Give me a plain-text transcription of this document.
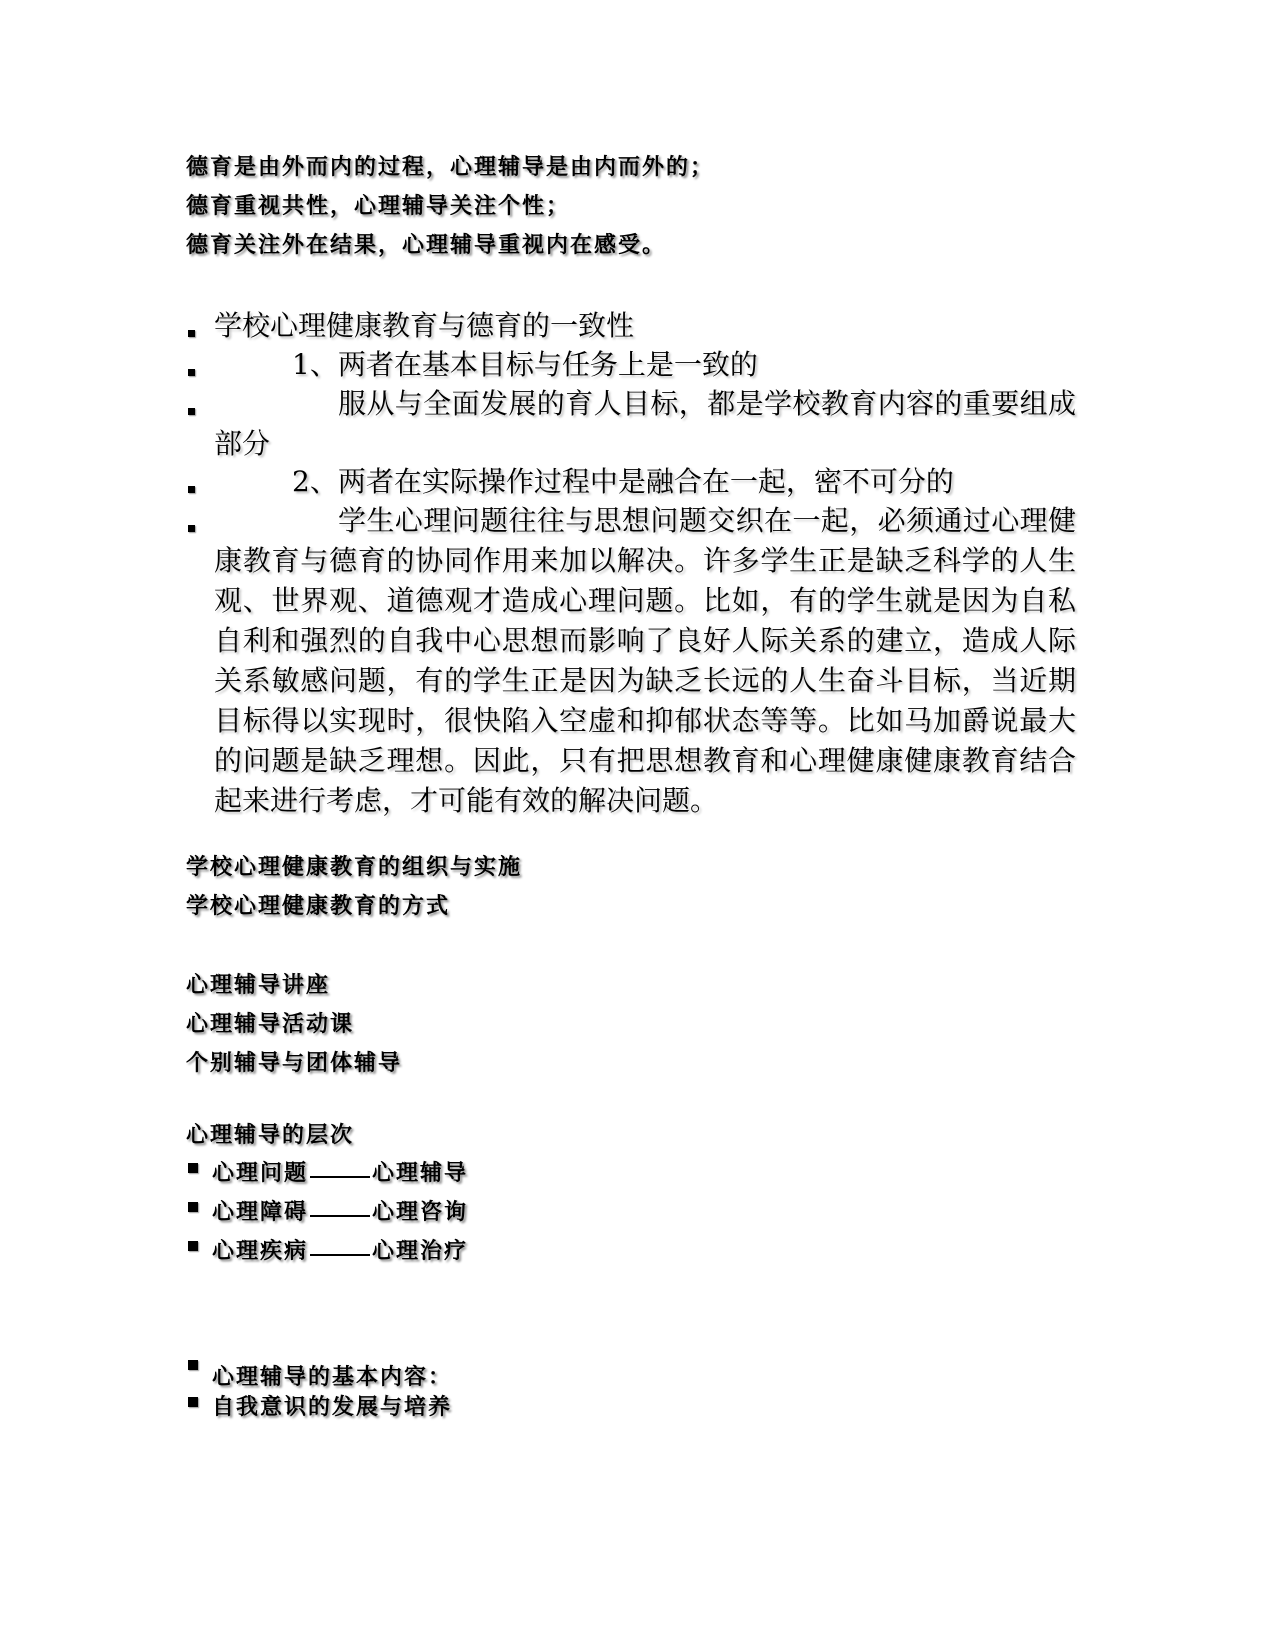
德育是由外而内的过程，心理辅导是由内而外的；
德育重视共性，心理辅导关注个性；
德育关注外在结果，心理辅导重视内在感受。
学校心理健康教育与德育的一致性
1、两者在基本目标与任务上是一致的
服从与全面发展的育人目标，都是学校教育内容的重要组成部分
2、两者在实际操作过程中是融合在一起，密不可分的
学生心理问题往往与思想问题交织在一起，必须通过心理健康教育与德育的协同作用来加以解决。许多学生正是缺乏科学的人生观、世界观、道德观才造成心理问题。比如，有的学生就是因为自私自利和强烈的自我中心思想而影响了良好人际关系的建立，造成人际关系敏感问题，有的学生正是因为缺乏长远的人生奋斗目标，当近期目标得以实现时，很快陷入空虚和抑郁状态等等。比如马加爵说最大的问题是缺乏理想。因此，只有把思想教育和心理健康健康教育结合起来进行考虑，才可能有效的解决问题。
学校心理健康教育的组织与实施
学校心理健康教育的方式
心理辅导讲座
心理辅导活动课
个别辅导与团体辅导
心理辅导的层次
心理问题	心理辅导
心理障碍	心理咨询
心理疾病	心理治疗
心理辅导的基本内容：
自我意识的发展与培养
